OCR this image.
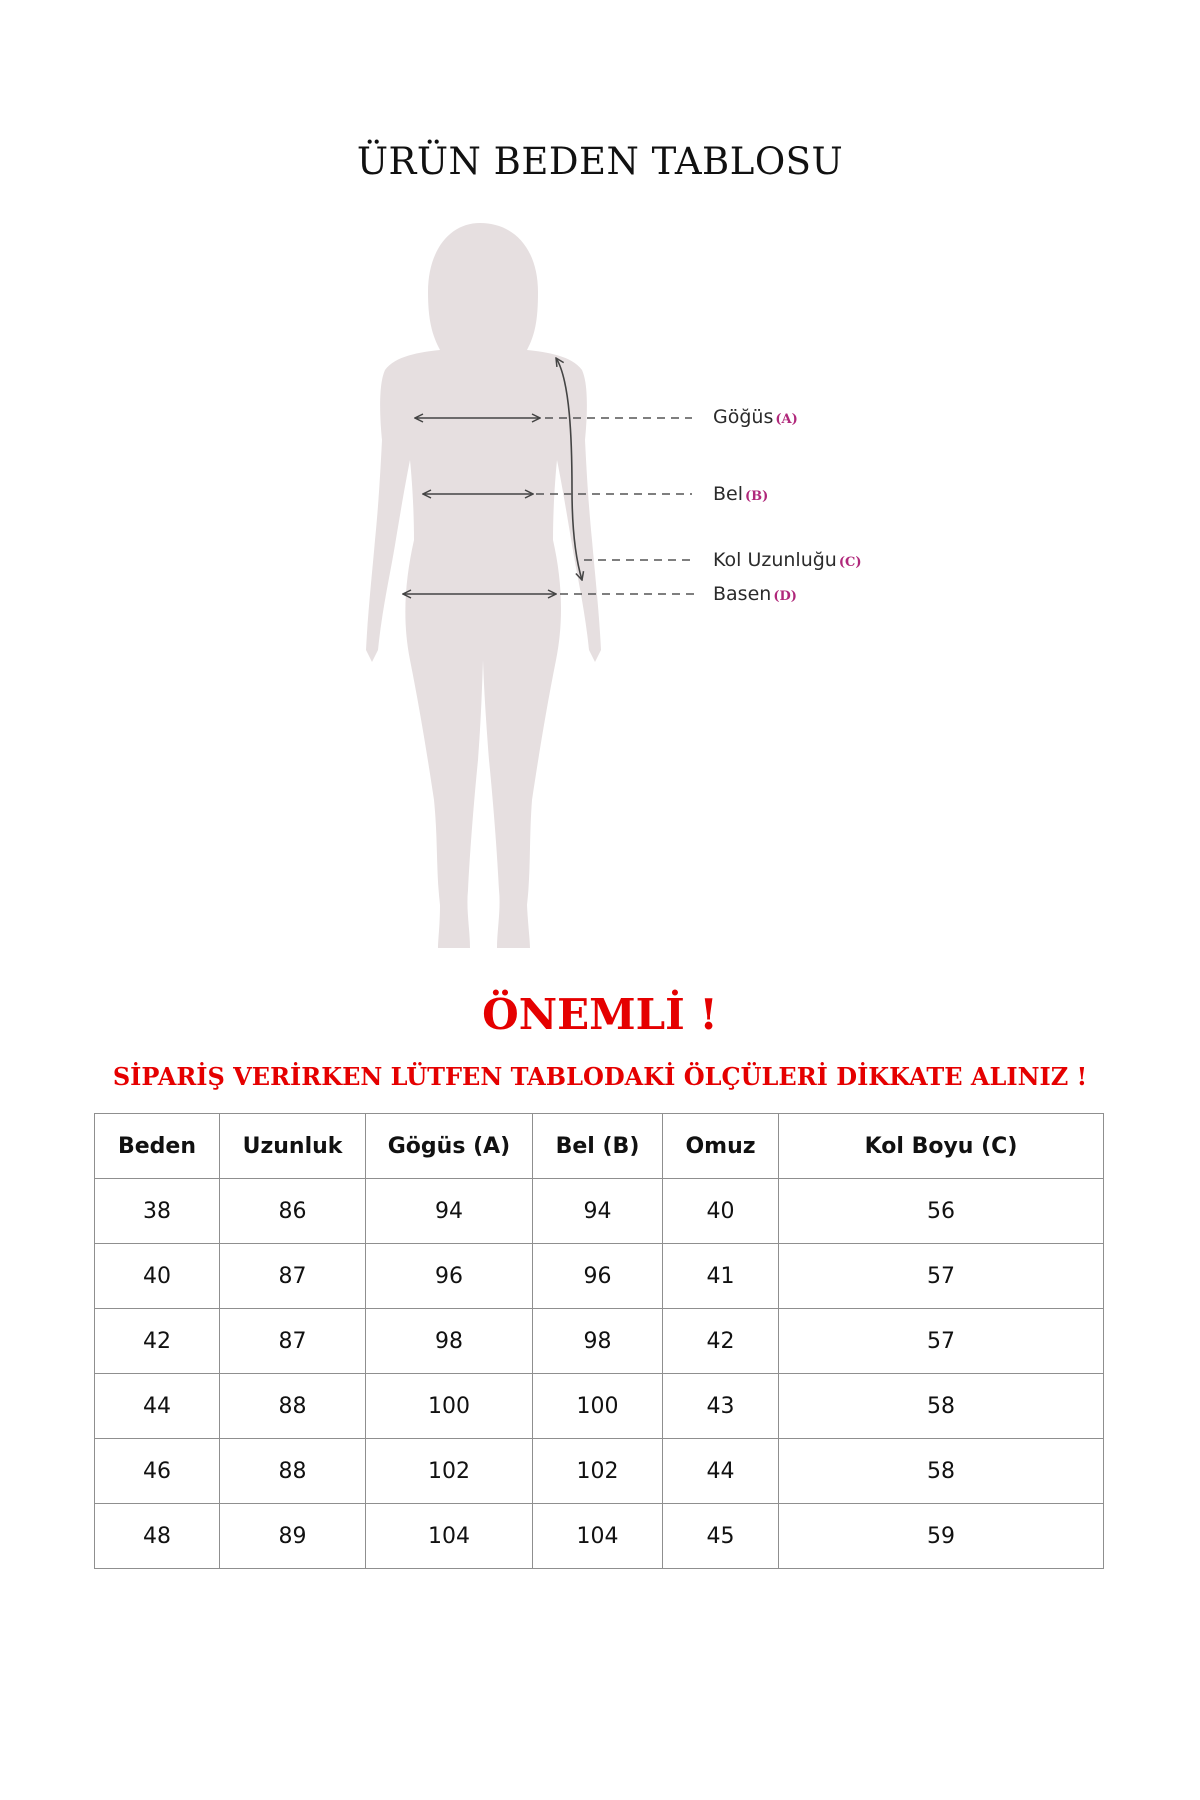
ÜRÜN BEDEN TABLOSU
Göğüs (A)
Bel (B)
Kol Uzunluğu (C)
Basen (D)
ÖNEMLİ !
SİPARİŞ VERİRKEN LÜTFEN TABLODAKİ ÖLÇÜLERİ DİKKATE ALINIZ !
Beden	Uzunluk	Gögüs (A)	Bel (B)	Omuz	Kol Boyu (C)
38	86	94	94	40	56
40	87	96	96	41	57
42	87	98	98	42	57
44	88	100	100	43	58
46	88	102	102	44	58
48	89	104	104	45	59
